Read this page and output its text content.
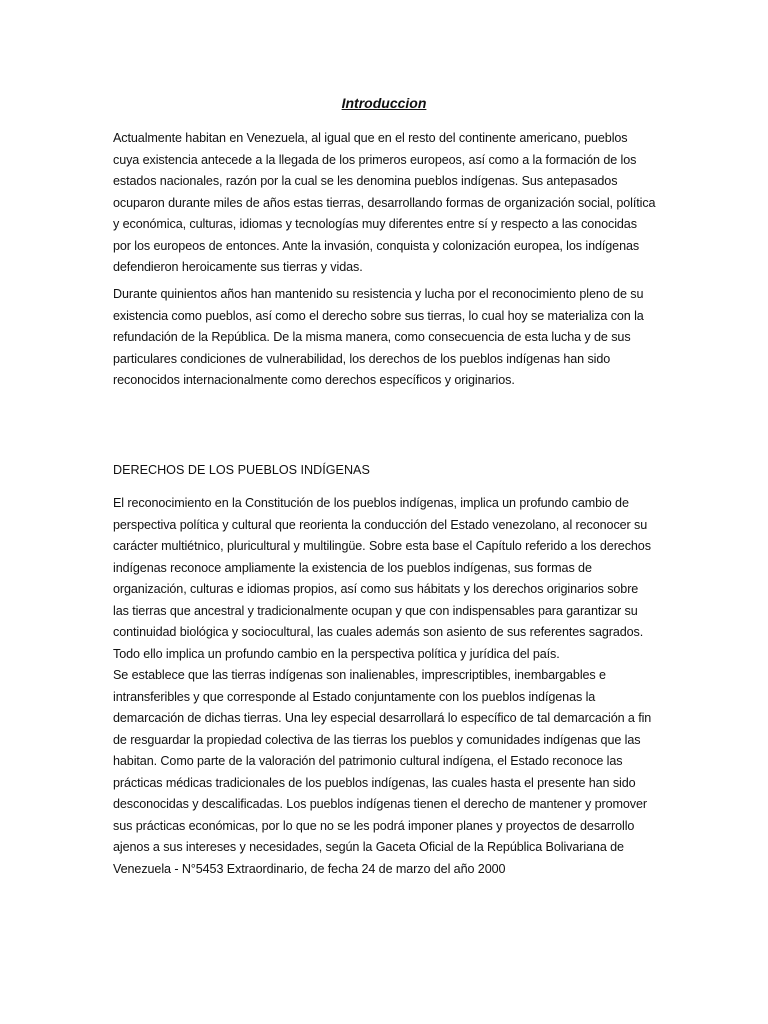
Introduccion

Actualmente habitan en Venezuela, al igual que en el resto del continente americano, pueblos cuya existencia antecede a la llegada de los primeros europeos, así como a la formación de los estados nacionales, razón por la cual se les denomina pueblos indígenas. Sus antepasados ocuparon durante miles de años estas tierras, desarrollando formas de organización social, política y económica, culturas, idiomas y tecnologías muy diferentes entre sí y respecto a las conocidas por los europeos de entonces. Ante la invasión, conquista y colonización europea, los indígenas defendieron heroicamente sus tierras y vidas.

Durante quinientos años han mantenido su resistencia y lucha por el reconocimiento pleno de su existencia como pueblos, así como el derecho sobre sus tierras, lo cual hoy se materializa con la refundación de la República. De la misma manera, como consecuencia de esta lucha y de sus particulares condiciones de vulnerabilidad, los derechos de los pueblos indígenas han sido reconocidos internacionalmente como derechos específicos y originarios.

DERECHOS DE LOS PUEBLOS INDÍGENAS

El reconocimiento en la Constitución de los pueblos indígenas, implica un profundo cambio de perspectiva política y cultural que reorienta la conducción del Estado venezolano, al reconocer su carácter multiétnico, pluricultural y multilingüe. Sobre esta base el Capítulo referido a los derechos indígenas reconoce ampliamente la existencia de los pueblos indígenas, sus formas de organización, culturas e idiomas propios, así como sus hábitats y los derechos originarios sobre las tierras que ancestral y tradicionalmente ocupan y que con indispensables para garantizar su continuidad biológica y sociocultural, las cuales además son asiento de sus referentes sagrados. Todo ello implica un profundo cambio en la perspectiva política y jurídica del país.

Se establece que las tierras indígenas son inalienables, imprescriptibles, inembargables e intransferibles y que corresponde al Estado conjuntamente con los pueblos indígenas la demarcación de dichas tierras. Una ley especial desarrollará lo específico de tal demarcación a fin de resguardar la propiedad colectiva de las tierras los pueblos y comunidades indígenas que las habitan. Como parte de la valoración del patrimonio cultural indígena, el Estado reconoce las prácticas médicas tradicionales de los pueblos indígenas, las cuales hasta el presente han sido desconocidas y descalificadas. Los pueblos indígenas tienen el derecho de mantener y promover sus prácticas económicas, por lo que no se les podrá imponer planes y proyectos de desarrollo ajenos a sus intereses y necesidades, según la Gaceta Oficial de la República Bolivariana de Venezuela - N°5453 Extraordinario, de fecha 24 de marzo del año 2000
